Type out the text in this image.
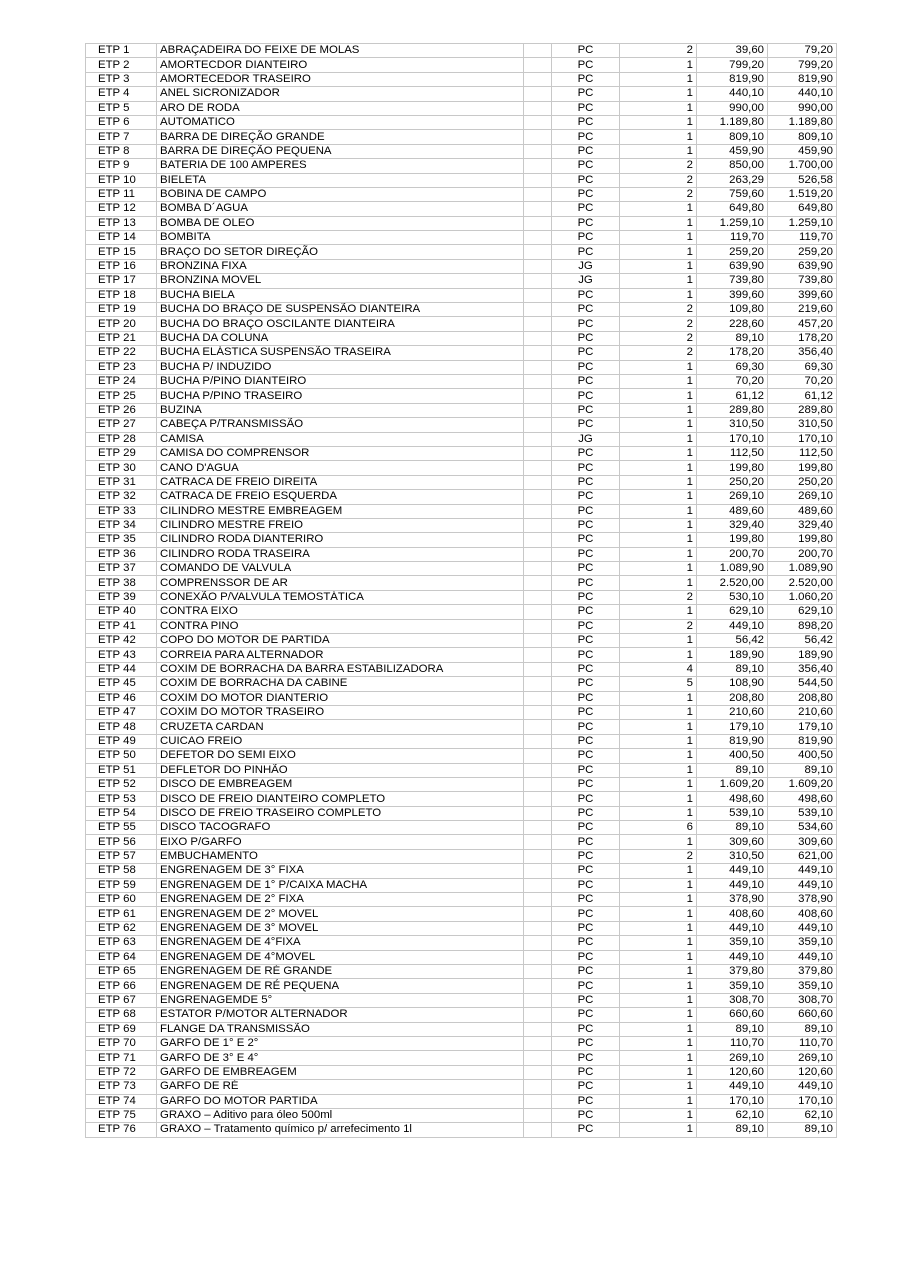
ETP 1	ABRAÇADEIRA DO FEIXE DE MOLAS		PC	2	39,60	79,20
ETP 2	AMORTECDOR DIANTEIRO		PC	1	799,20	799,20
ETP 3	AMORTECEDOR TRASEIRO		PC	1	819,90	819,90
ETP 4	ANEL SICRONIZADOR		PC	1	440,10	440,10
ETP 5	ARO DE RODA		PC	1	990,00	990,00
ETP 6	AUTOMATICO		PC	1	1.189,80	1.189,80
ETP 7	BARRA DE DIREÇÃO GRANDE		PC	1	809,10	809,10
ETP 8	BARRA DE DIREÇÃO PEQUENA		PC	1	459,90	459,90
ETP 9	BATERIA DE 100 AMPERES		PC	2	850,00	1.700,00
ETP 10	BIELETA		PC	2	263,29	526,58
ETP 11	BOBINA DE CAMPO		PC	2	759,60	1.519,20
ETP 12	BOMBA D´AGUA		PC	1	649,80	649,80
ETP 13	BOMBA DE OLEO		PC	1	1.259,10	1.259,10
ETP 14	BOMBITA		PC	1	119,70	119,70
ETP 15	BRAÇO DO SETOR DIREÇÃO		PC	1	259,20	259,20
ETP 16	BRONZINA FIXA		JG	1	639,90	639,90
ETP 17	BRONZINA MOVEL		JG	1	739,80	739,80
ETP 18	BUCHA BIELA		PC	1	399,60	399,60
ETP 19	BUCHA DO BRAÇO DE SUSPENSÃO DIANTEIRA		PC	2	109,80	219,60
ETP 20	BUCHA DO BRAÇO OSCILANTE DIANTEIRA		PC	2	228,60	457,20
ETP 21	BUCHA DA COLUNA		PC	2	89,10	178,20
ETP 22	BUCHA ELÁSTICA SUSPENSÃO TRASEIRA		PC	2	178,20	356,40
ETP 23	BUCHA P/ INDUZIDO		PC	1	69,30	69,30
ETP 24	BUCHA P/PINO DIANTEIRO		PC	1	70,20	70,20
ETP 25	BUCHA P/PINO TRASEIRO		PC	1	61,12	61,12
ETP 26	BUZINA		PC	1	289,80	289,80
ETP 27	CABEÇA P/TRANSMISSÃO		PC	1	310,50	310,50
ETP 28	CAMISA		JG	1	170,10	170,10
ETP 29	CAMISA DO COMPRENSOR		PC	1	112,50	112,50
ETP 30	CANO D'AGUA		PC	1	199,80	199,80
ETP 31	CATRACA DE FREIO DIREITA		PC	1	250,20	250,20
ETP 32	CATRACA DE FREIO ESQUERDA		PC	1	269,10	269,10
ETP 33	CILINDRO MESTRE EMBREAGEM		PC	1	489,60	489,60
ETP 34	CILINDRO MESTRE FREIO		PC	1	329,40	329,40
ETP 35	CILINDRO RODA DIANTERIRO		PC	1	199,80	199,80
ETP 36	CILINDRO RODA TRASEIRA		PC	1	200,70	200,70
ETP 37	COMANDO DE VALVULA		PC	1	1.089,90	1.089,90
ETP 38	COMPRENSSOR DE AR		PC	1	2.520,00	2.520,00
ETP 39	CONEXÃO P/VALVULA TEMOSTÁTICA		PC	2	530,10	1.060,20
ETP 40	CONTRA EIXO		PC	1	629,10	629,10
ETP 41	CONTRA PINO		PC	2	449,10	898,20
ETP 42	COPO DO MOTOR DE PARTIDA		PC	1	56,42	56,42
ETP 43	CORREIA PARA ALTERNADOR		PC	1	189,90	189,90
ETP 44	COXIM DE BORRACHA DA BARRA ESTABILIZADORA		PC	4	89,10	356,40
ETP 45	COXIM DE BORRACHA DA CABINE		PC	5	108,90	544,50
ETP 46	COXIM DO MOTOR DIANTERIO		PC	1	208,80	208,80
ETP 47	COXIM DO MOTOR TRASEIRO		PC	1	210,60	210,60
ETP 48	CRUZETA CARDAN		PC	1	179,10	179,10
ETP 49	CUICAO FREIO		PC	1	819,90	819,90
ETP 50	DEFETOR DO SEMI EIXO		PC	1	400,50	400,50
ETP 51	DEFLETOR DO PINHÃO		PC	1	89,10	89,10
ETP 52	DISCO DE EMBREAGEM		PC	1	1.609,20	1.609,20
ETP 53	DISCO DE FREIO DIANTEIRO COMPLETO		PC	1	498,60	498,60
ETP 54	DISCO DE FREIO TRASEIRO COMPLETO		PC	1	539,10	539,10
ETP 55	DISCO TACOGRAFO		PC	6	89,10	534,60
ETP 56	EIXO P/GARFO		PC	1	309,60	309,60
ETP 57	EMBUCHAMENTO		PC	2	310,50	621,00
ETP 58	ENGRENAGEM DE 3° FIXA		PC	1	449,10	449,10
ETP 59	ENGRENAGEM DE 1° P/CAIXA MACHA		PC	1	449,10	449,10
ETP 60	ENGRENAGEM DE 2° FIXA		PC	1	378,90	378,90
ETP 61	ENGRENAGEM DE 2° MOVEL		PC	1	408,60	408,60
ETP 62	ENGRENAGEM DE 3° MOVEL		PC	1	449,10	449,10
ETP 63	ENGRENAGEM DE 4°FIXA		PC	1	359,10	359,10
ETP 64	ENGRENAGEM DE 4°MOVEL		PC	1	449,10	449,10
ETP 65	ENGRENAGEM DE RÉ GRANDE		PC	1	379,80	379,80
ETP 66	ENGRENAGEM DE RÉ PEQUENA		PC	1	359,10	359,10
ETP 67	ENGRENAGEMDE 5°		PC	1	308,70	308,70
ETP 68	ESTATOR P/MOTOR ALTERNADOR		PC	1	660,60	660,60
ETP 69	FLANGE DA TRANSMISSÃO		PC	1	89,10	89,10
ETP 70	GARFO DE 1° E 2°		PC	1	110,70	110,70
ETP 71	GARFO DE 3° E 4°		PC	1	269,10	269,10
ETP 72	GARFO DE EMBREAGEM		PC	1	120,60	120,60
ETP 73	GARFO DE RÉ		PC	1	449,10	449,10
ETP 74	GARFO DO MOTOR PARTIDA		PC	1	170,10	170,10
ETP 75	GRAXO – Aditivo para óleo 500ml		PC	1	62,10	62,10
ETP 76	GRAXO – Tratamento químico p/ arrefecimento 1l		PC	1	89,10	89,10
